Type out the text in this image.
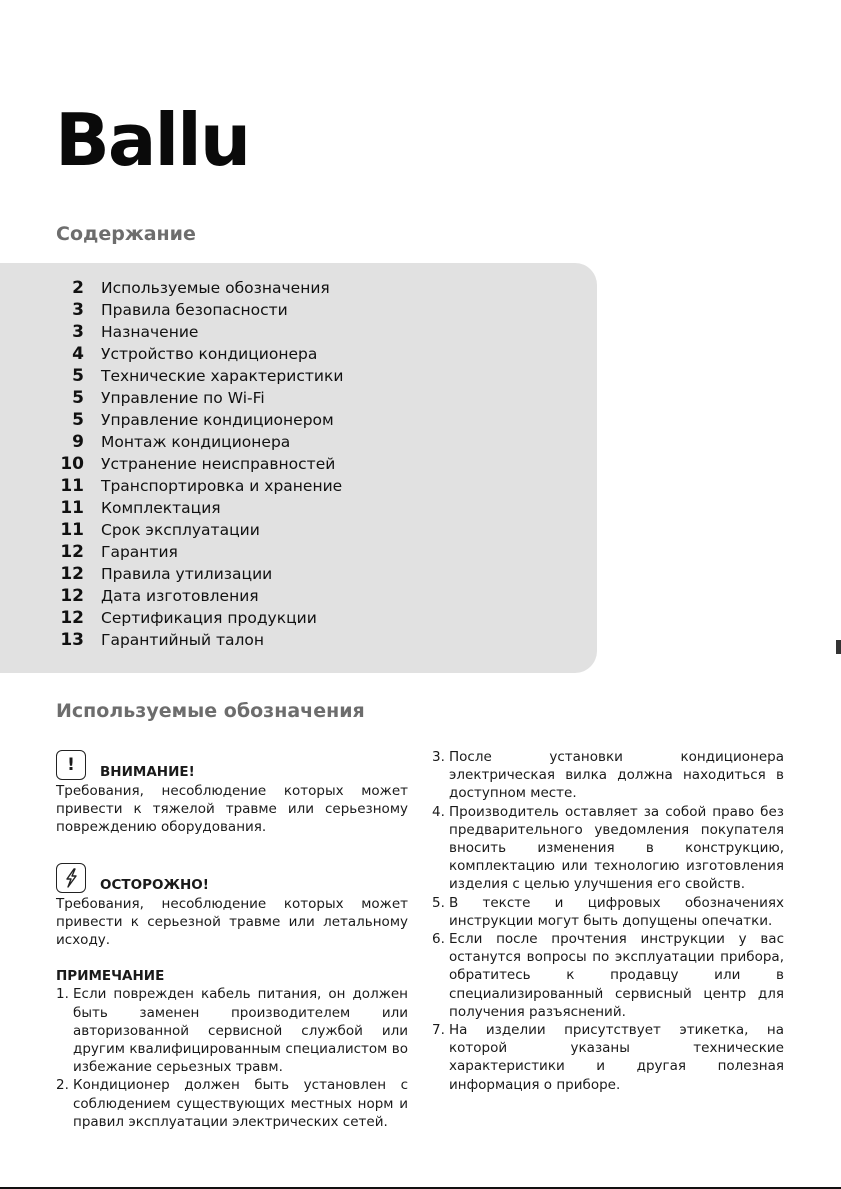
Ballu
Содержание
2 Используемые обозначения
3 Правила безопасности
3 Назначение
4 Устройство кондиционера
5 Технические характеристики
5 Управление по Wi-Fi
5 Управление кондиционером
9 Монтаж кондиционера
10 Устранение неисправностей
11 Транспортировка и хранение
11 Комплектация
11 Срок эксплуатации
12 Гарантия
12 Правила утилизации
12 Дата изготовления
12 Сертификация продукции
13 Гарантийный талон
Используемые обозначения
!	ВНИМАНИЕ!

Требования, несоблюдение которых может привести к тяжелой травме или серьезному повреждению оборудования.

ОСТОРОЖНО!

Требования, несоблюдение которых может привести к серьезной травме или летальному исходу.

ПРИМЕЧАНИЕ
1. Если поврежден кабель питания, он должен быть заменен производителем или авторизованной сервисной службой или другим квалифицированным специалистом во избежание серьезных травм.
2. Кондиционер должен быть установлен с соблюдением существующих местных норм и правил эксплуатации электрических сетей.
3. После установки кондиционера электрическая вилка должна находиться в доступном месте.
4. Производитель оставляет за собой право без предварительного уведомления покупателя вносить изменения в конструкцию, комплектацию или технологию изготовления изделия с целью улучшения его свойств.
5. В тексте и цифровых обозначениях инструкции могут быть допущены опечатки.
6. Если после прочтения инструкции у вас останутся вопросы по эксплуатации прибора, обратитесь к продавцу или в специализированный сервисный центр для получения разъяснений.
7. На изделии присутствует этикетка, на которой указаны технические характеристики и другая полезная информация о приборе.
